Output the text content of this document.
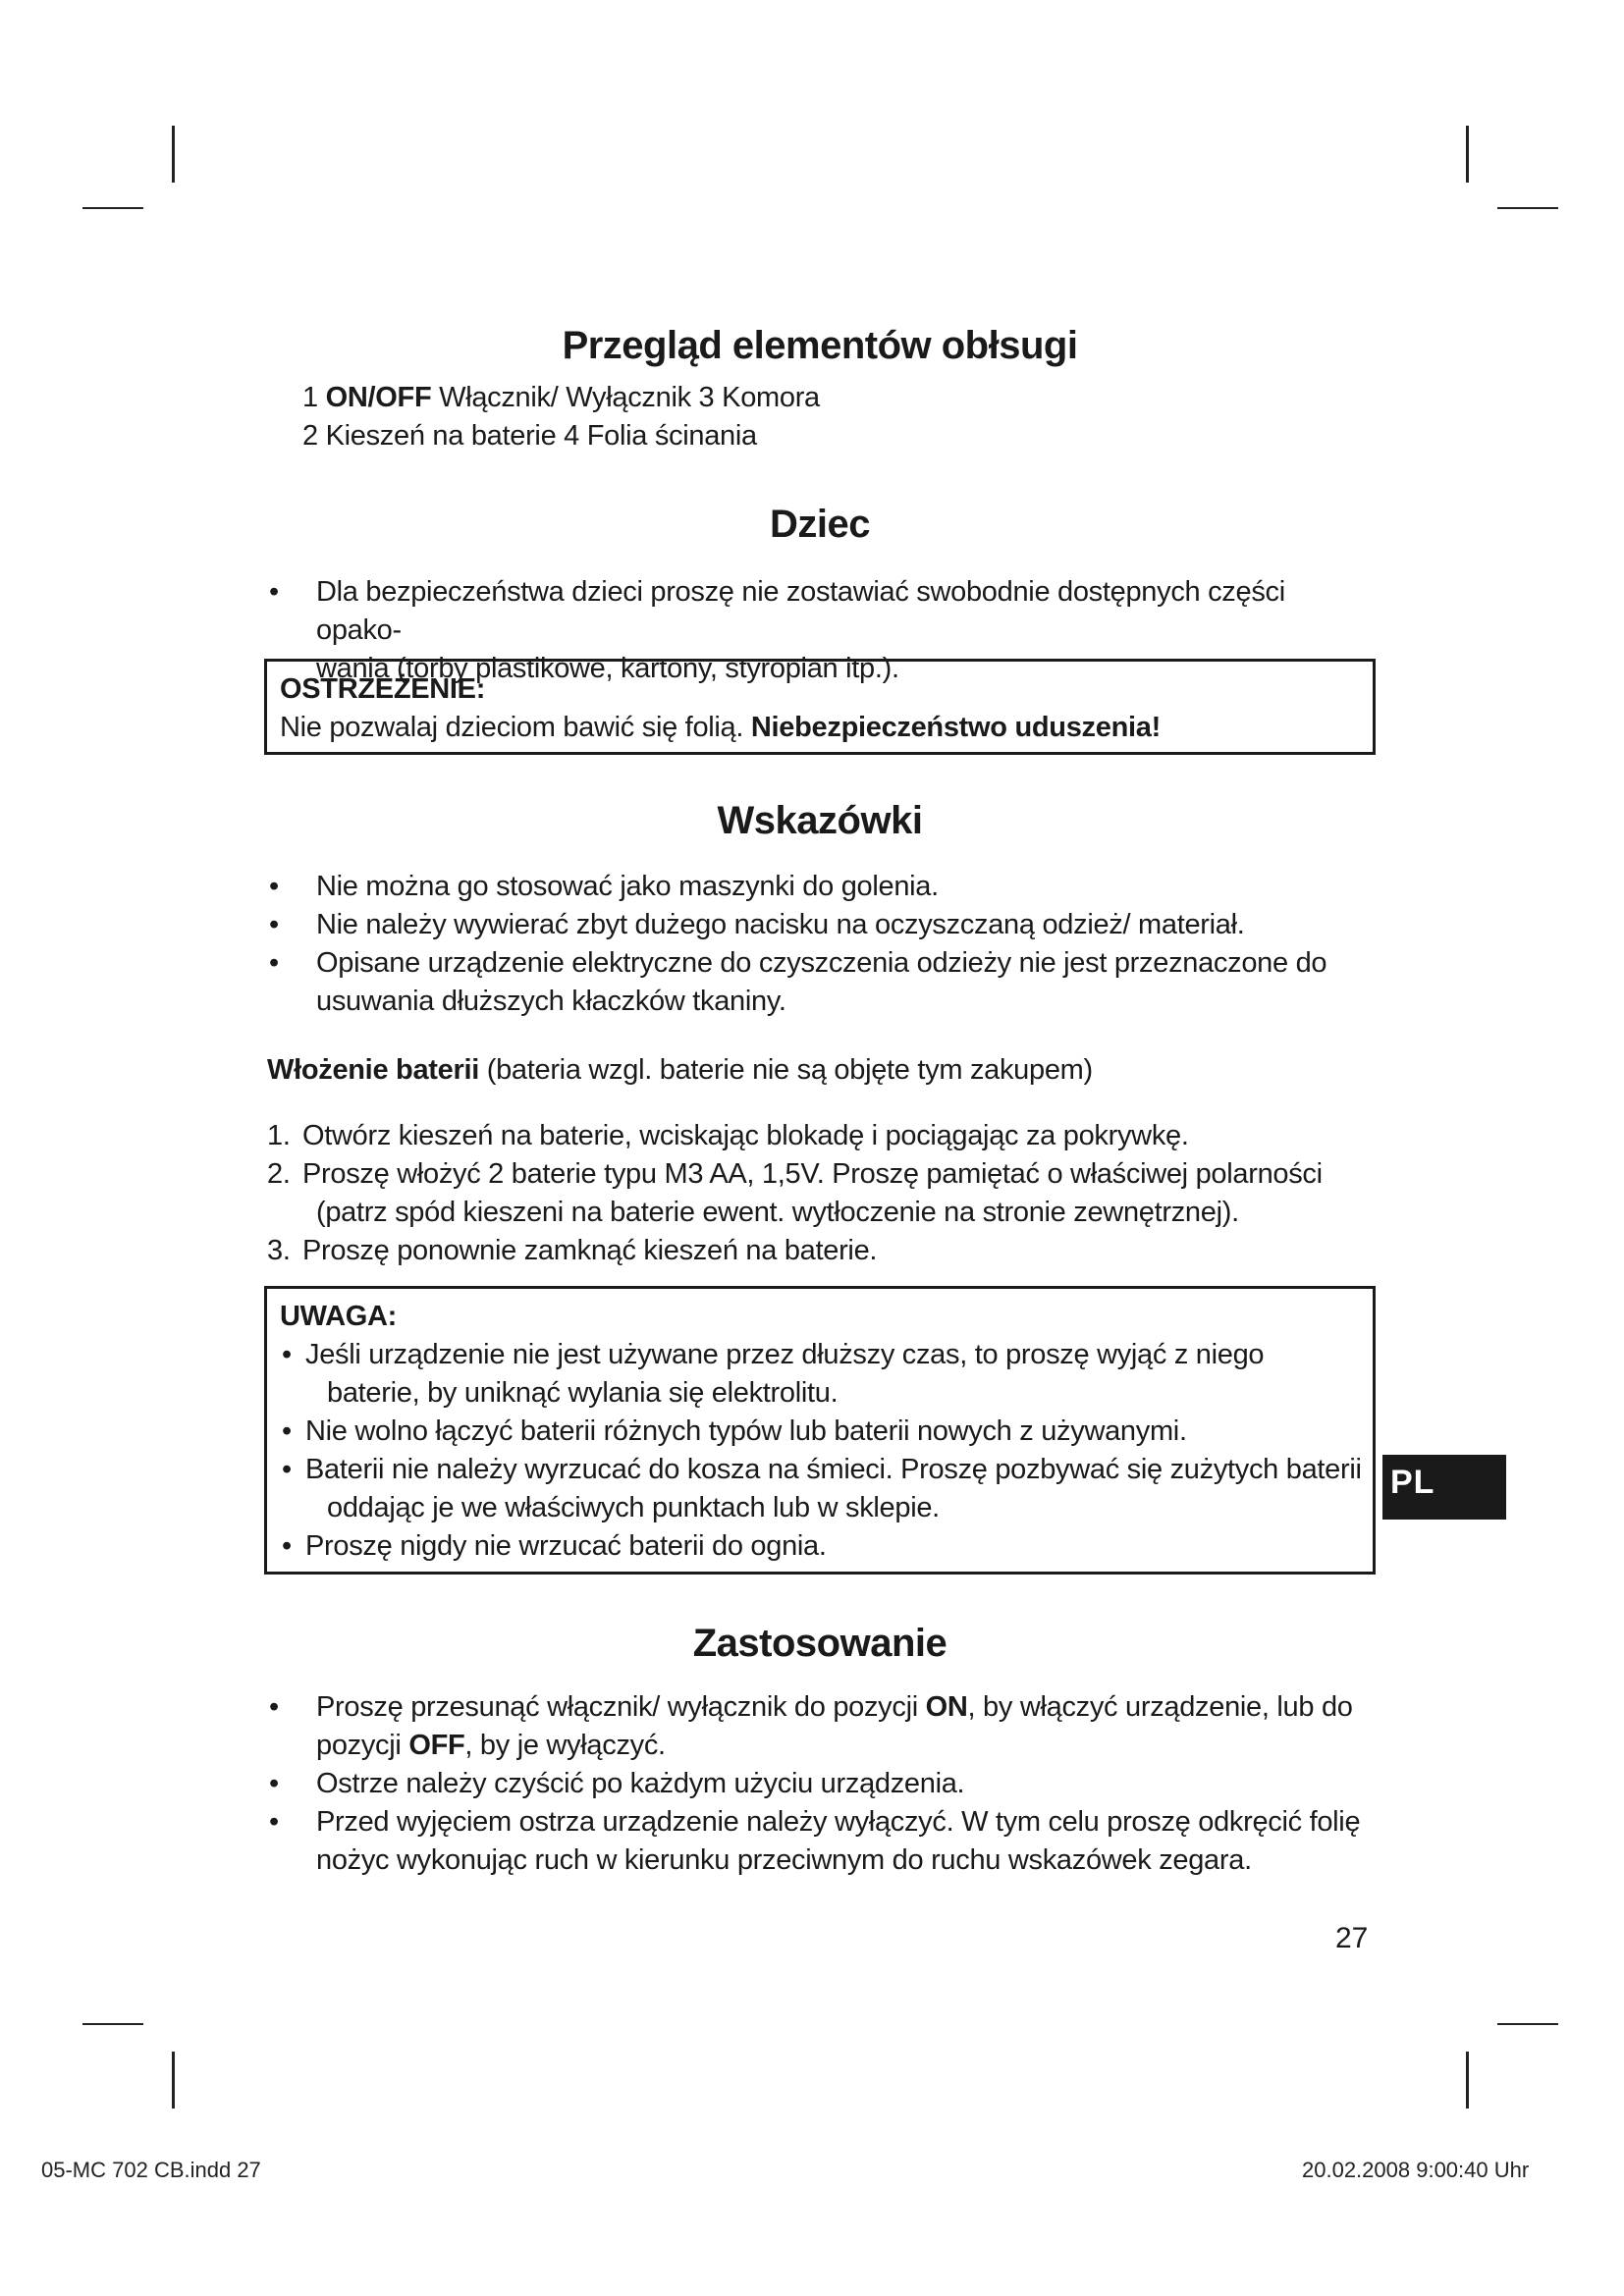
Przegląd elementów obłsugi
1 ON/OFF Włącznik/ Wyłącznik 3 Komora
2 Kieszeń na baterie 4 Folia ścinania
Dziec
•	Dla bezpieczeństwa dzieci proszę nie zostawiać swobodnie dostępnych części opako-
wania (torby plastikowe, kartony, styropian itp.).
OSTRZEŻENIE:
Nie pozwalaj dzieciom bawić się folią. Niebezpieczeństwo uduszenia!
Wskazówki
•	Nie można go stosować jako maszynki do golenia.
•	Nie należy wywierać zbyt dużego nacisku na oczyszczaną odzież/ materiał.
•	Opisane urządzenie elektryczne do czyszczenia odzieży nie jest przeznaczone do
usuwania dłuższych kłaczków tkaniny.
Włożenie baterii (bateria wzgl. baterie nie są objęte tym zakupem)
1. Otwórz kieszeń na baterie, wciskając blokadę i pociągając za pokrywkę.
2. Proszę włożyć 2 baterie typu M3 AA, 1,5V. Proszę pamiętać o właściwej polarności
(patrz spód kieszeni na baterie ewent. wytłoczenie na stronie zewnętrznej).
3. Proszę ponownie zamknąć kieszeń na baterie.
UWAGA:
• Jeśli urządzenie nie jest używane przez dłuższy czas, to proszę wyjąć z niego
baterie, by uniknąć wylania się elektrolitu.
• Nie wolno łączyć baterii różnych typów lub baterii nowych z używanymi.
• Baterii nie należy wyrzucać do kosza na śmieci. Proszę pozbywać się zużytych baterii
oddając je we właściwych punktach lub w sklepie.
• Proszę nigdy nie wrzucać baterii do ognia.
Zastosowanie
•	Proszę przesunąć włącznik/ wyłącznik do pozycji ON, by włączyć urządzenie, lub do
pozycji OFF, by je wyłączyć.
•	Ostrze należy czyścić po każdym użyciu urządzenia.
•	Przed wyjęciem ostrza urządzenie należy wyłączyć. W tym celu proszę odkręcić folię
nożyc wykonując ruch w kierunku przeciwnym do ruchu wskazówek zegara.
PL
27
05-MC 702 CB.indd 27	20.02.2008 9:00:40 Uhr
